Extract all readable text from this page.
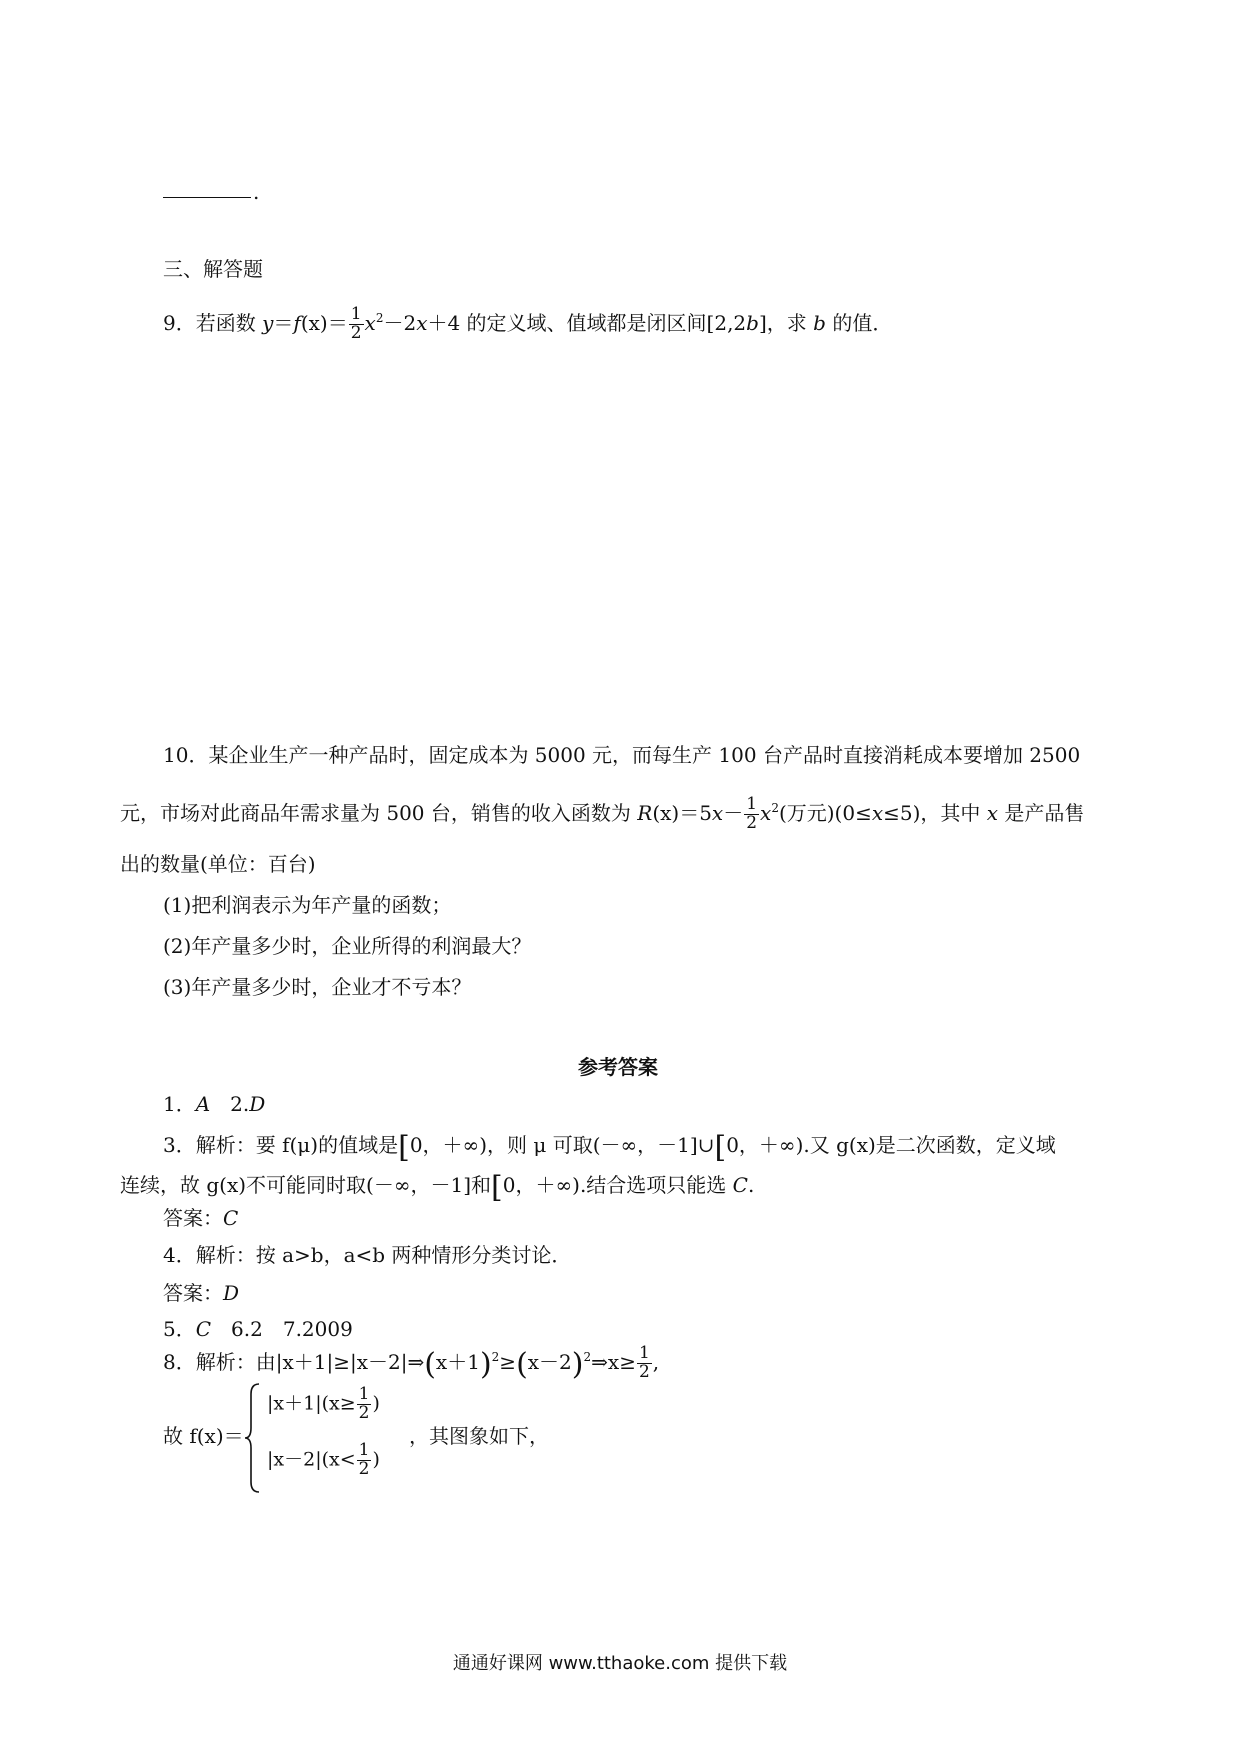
.
三、解答题
9．若函数 $y=f(x)= \frac{1}{2} x^2-2x+4$ 的定义域、值域都是闭区间[2,2b]，求 b 的值．
10．某企业生产一种产品时，固定成本为 5000 元，而每生产 100 台产品时直接消耗成本要增加 2500
元，市场对此商品年需求量为 500 台，销售的收入函数为 $R(x)=5x- \frac{1}{2} x^2$(万元)(0≤x≤5)，其中 x 是产品售
出的数量(单位：百台)
(1)把利润表示为年产量的函数；
(2)年产量多少时，企业所得的利润最大？
(3)年产量多少时，企业才不亏本？
参考答案
1．A　2.D
3．解析：要 f(μ)的值域是[0，＋∞)，则 μ 可取(－∞，－1]∪[0，＋∞).又 g(x)是二次函数，定义域
连续，故 g(x)不可能同时取(－∞，－1]和[0，＋∞).结合选项只能选 C.
答案：C
4．解析：按 a>b，a<b 两种情形分类讨论．
答案：D
5．C　6.2　7.2009
8．解析：由$|x+1|\ge|x-2|\Rightarrow(x+1)^2\ge(x-2)^2\Rightarrow x\ge \frac{1}{2}$ ,
故 f(x)＝
$|x+1|(x\ge \frac{1}{2}$ )
$|x-2|(x< \frac{1}{2}$ )
，其图象如下，
通通好课网 www.tthaoke.com 提供下载
